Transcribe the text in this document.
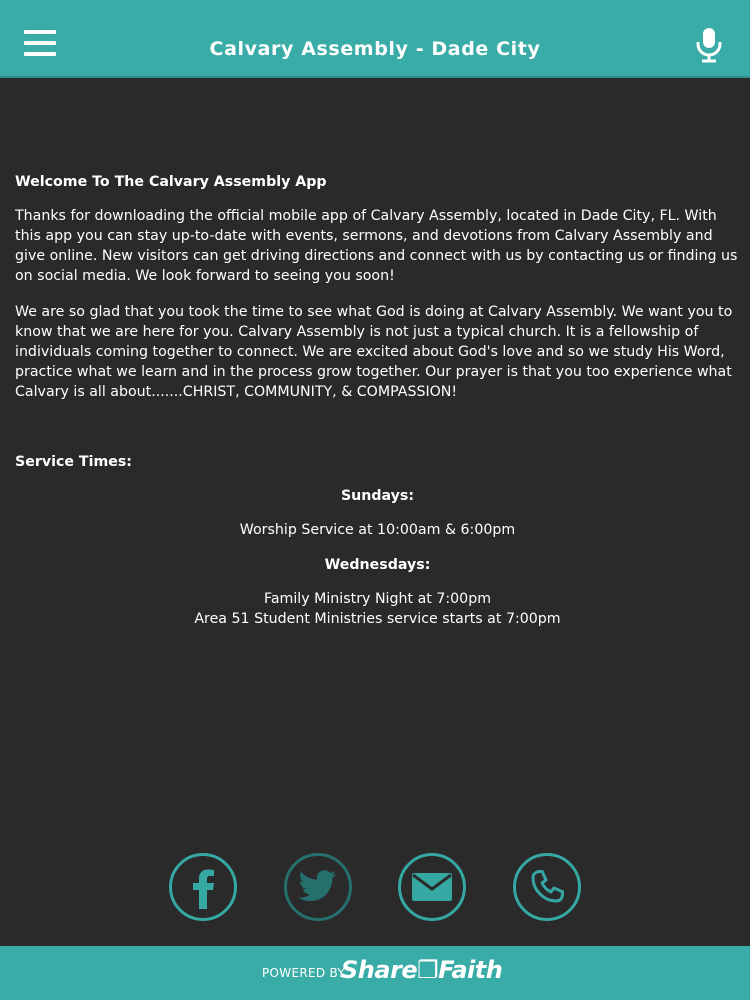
Calvary Assembly - Dade City

Welcome To The Calvary Assembly App

Thanks for downloading the official mobile app of Calvary Assembly, located in Dade City, FL. With this app you can stay up-to-date with events, sermons, and devotions from Calvary Assembly and give online. New visitors can get driving directions and connect with us by contacting us or finding us on social media. We look forward to seeing you soon!

We are so glad that you took the time to see what God is doing at Calvary Assembly. We want you to know that we are here for you. Calvary Assembly is not just a typical church. It is a fellowship of individuals coming together to connect. We are excited about God's love and so we study His Word, practice what we learn and in the process grow together. Our prayer is that you too experience what Calvary is all about.......CHRIST, COMMUNITY, & COMPASSION!

Service Times:

Sundays:

Worship Service at 10:00am & 6:00pm

Wednesdays:

Family Ministry Night at 7:00pm

Area 51 Student Ministries service starts at 7:00pm

POWERED BY
Share❐Faith
